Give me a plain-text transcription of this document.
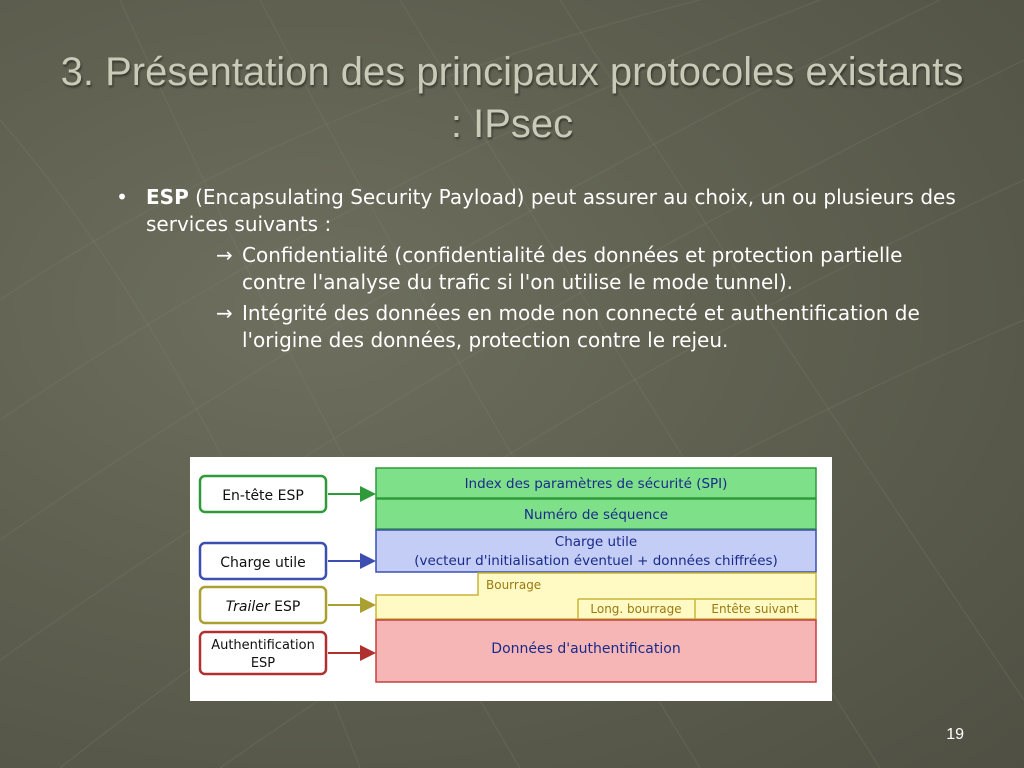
3. Présentation des principaux protocoles existants : IPsec
• ESP (Encapsulating Security Payload) peut assurer au choix, un ou plusieurs des services suivants :
→ Confidentialité (confidentialité des données et protection partielle contre l'analyse du trafic si l'on utilise le mode tunnel).
→ Intégrité des données en mode non connecté et authentification de l'origine des données, protection contre le rejeu.
En-tête ESP
Charge utile
Trailer ESP
Authentification
ESP
Index des paramètres de sécurité (SPI)
Numéro de séquence
Charge utile
(vecteur d'initialisation éventuel + données chiffrées)
Bourrage
Long. bourrage Entête suivant
Données d'authentification
19
